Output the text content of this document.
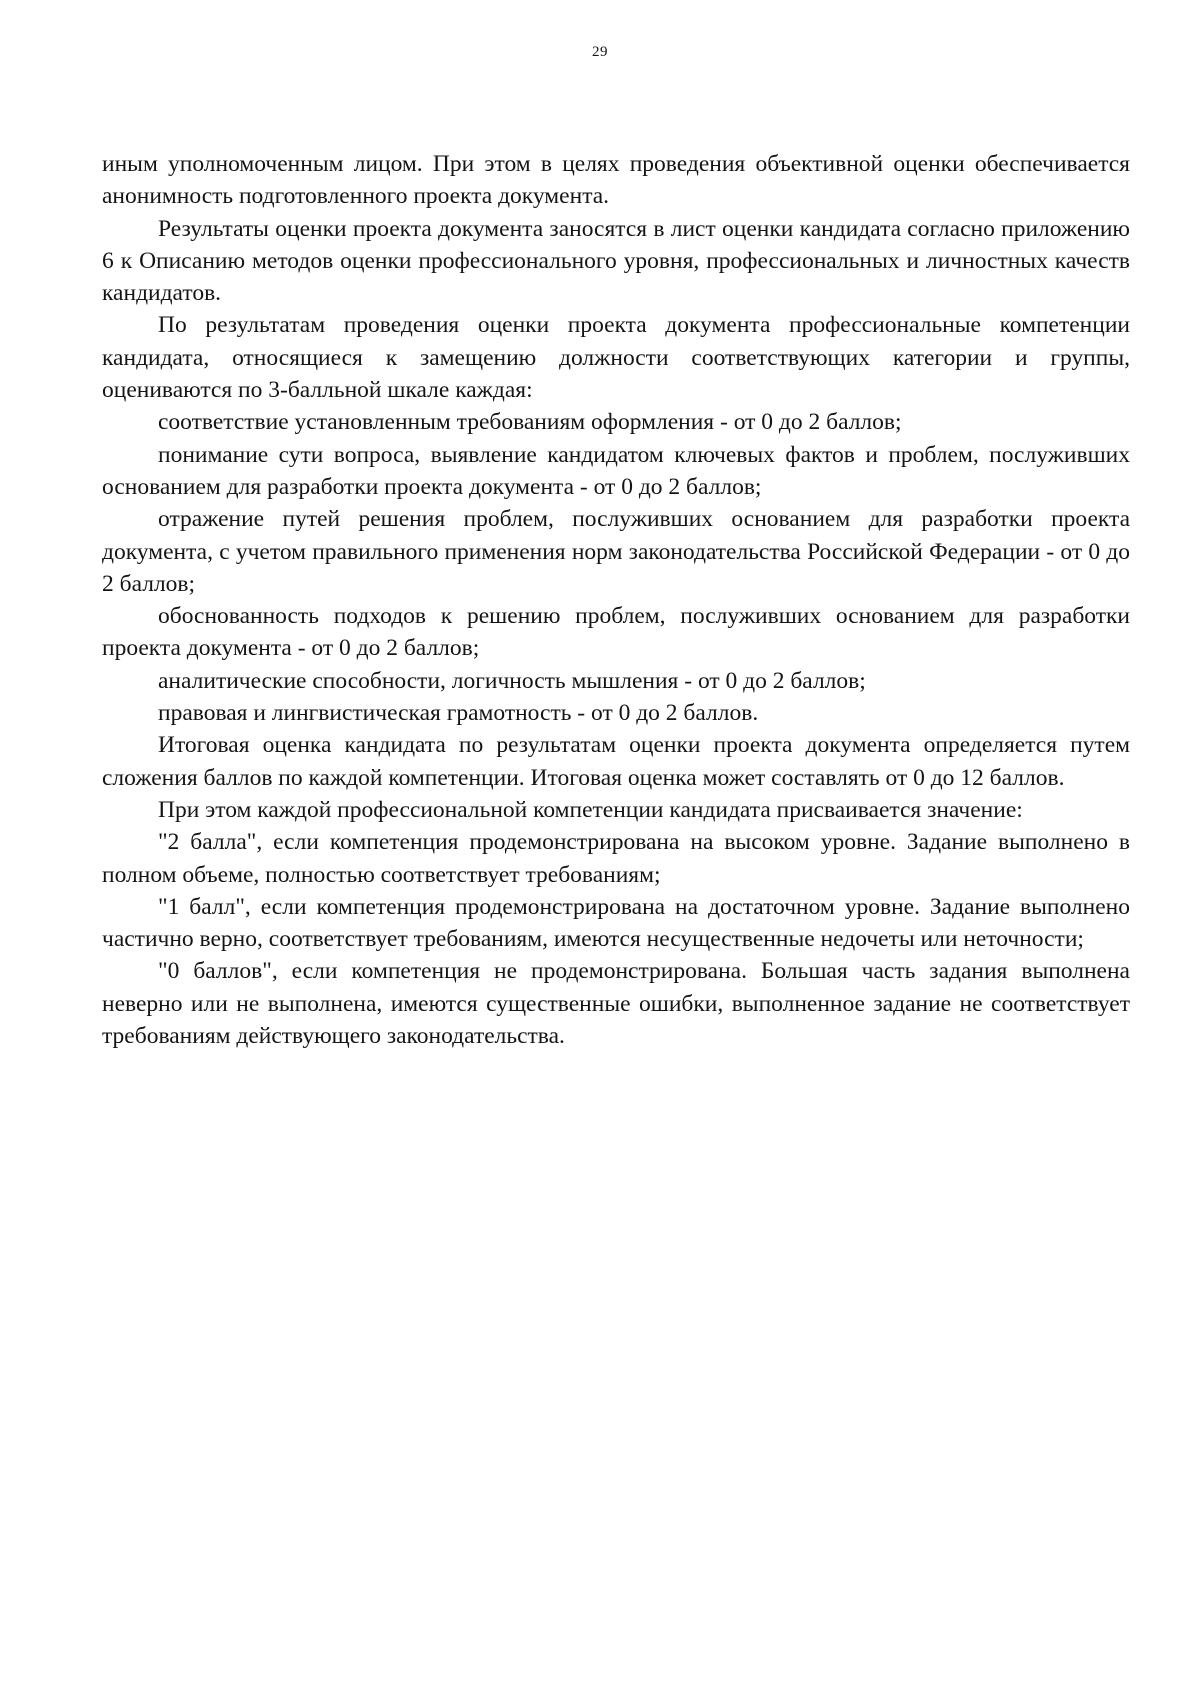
29

иным уполномоченным лицом. При этом в целях проведения объективной оценки обеспечивается анонимность подготовленного проекта документа.

Результаты оценки проекта документа заносятся в лист оценки кандидата согласно приложению 6 к Описанию методов оценки профессионального уровня, профессиональных и личностных качеств кандидатов.

По результатам проведения оценки проекта документа профессиональные компетенции кандидата, относящиеся к замещению должности соответствующих категории и группы, оцениваются по 3-балльной шкале каждая:

соответствие установленным требованиям оформления - от 0 до 2 баллов;

понимание сути вопроса, выявление кандидатом ключевых фактов и проблем, послуживших основанием для разработки проекта документа - от 0 до 2 баллов;

отражение путей решения проблем, послуживших основанием для разработки проекта документа, с учетом правильного применения норм законодательства Российской Федерации - от 0 до 2 баллов;

обоснованность подходов к решению проблем, послуживших основанием для разработки проекта документа - от 0 до 2 баллов;

аналитические способности, логичность мышления - от 0 до 2 баллов;

правовая и лингвистическая грамотность - от 0 до 2 баллов.

Итоговая оценка кандидата по результатам оценки проекта документа определяется путем сложения баллов по каждой компетенции. Итоговая оценка может составлять от 0 до 12 баллов.

При этом каждой профессиональной компетенции кандидата присваивается значение:

"2 балла", если компетенция продемонстрирована на высоком уровне. Задание выполнено в полном объеме, полностью соответствует требованиям;

"1 балл", если компетенция продемонстрирована на достаточном уровне. Задание выполнено частично верно, соответствует требованиям, имеются несущественные недочеты или неточности;

"0 баллов", если компетенция не продемонстрирована. Большая часть задания выполнена неверно или не выполнена, имеются существенные ошибки, выполненное задание не соответствует требованиям действующего законодательства.
